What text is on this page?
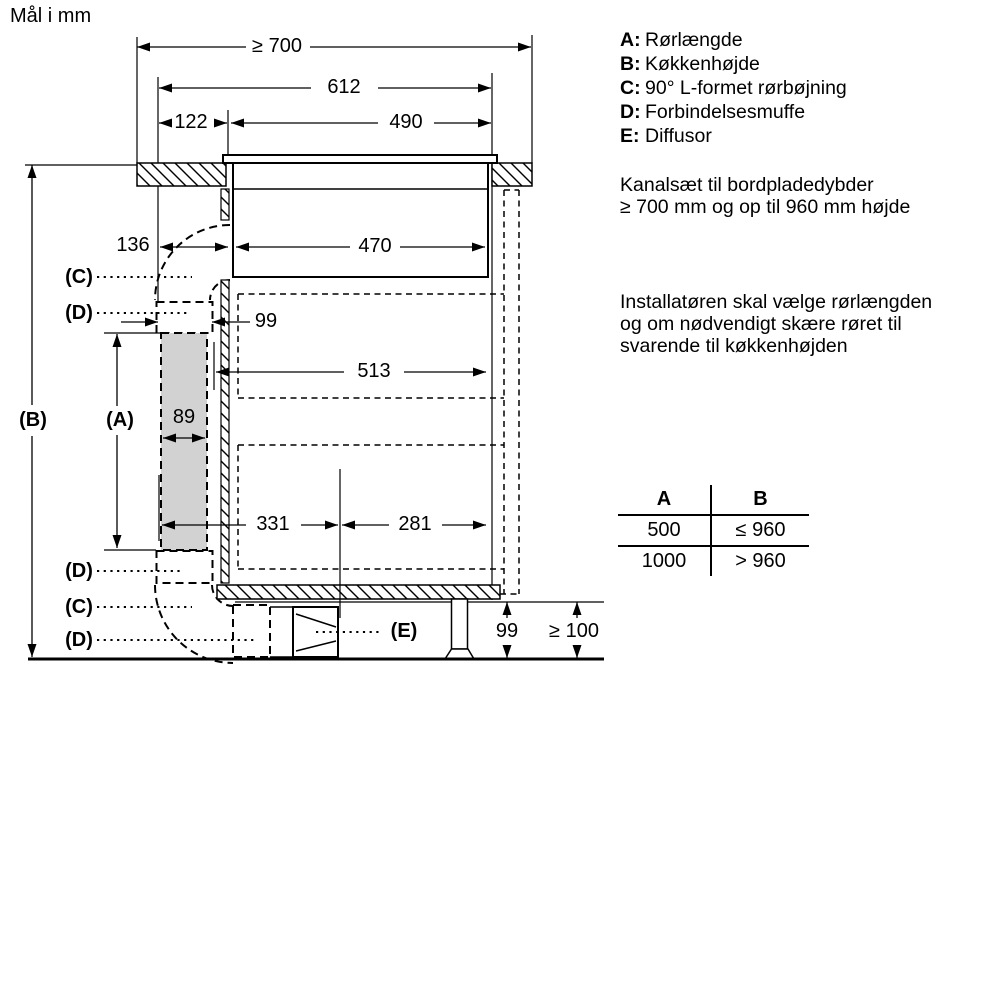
Mål i mm
≥ 700
612
122	490
136	470
99
513
89
331	281
99 ≥ 100
(B)	(A)
(C)
(D)
(D)
(C)
(D)	(E)
A: Rørlængde
B: Køkkenhøjde
C: 90° L-formet rørbøjning
D: Forbindelsesmuffe
E: Diffusor
Kanalsæt til bordpladedybder
≥ 700 mm og op til 960 mm højde
Installatøren skal vælge rørlængden
og om nødvendigt skære røret til
svarende til køkkenhøjden
A	B
500	≤ 960
1000	> 960
